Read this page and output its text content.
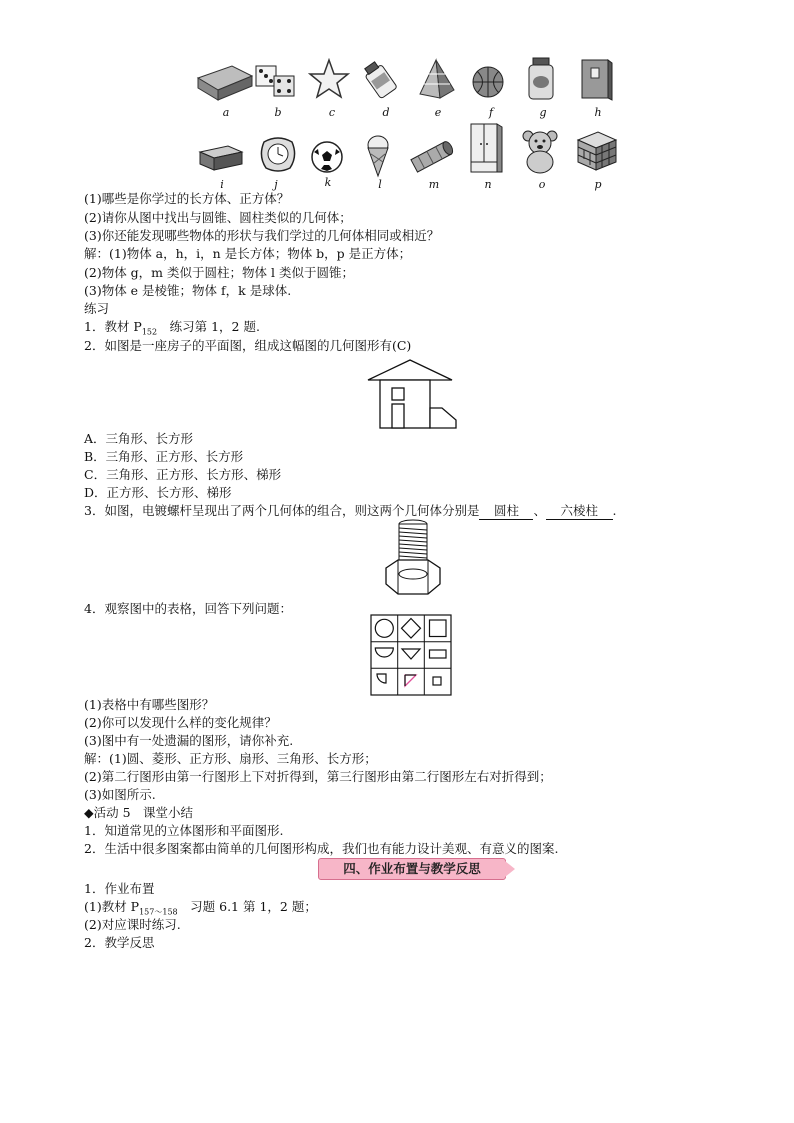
a	b	c	d	e	f	g	h
i	j	k	l	m	n	o	p
(1)哪些是你学过的长方体、正方体？
(2)请你从图中找出与圆锥、圆柱类似的几何体；
(3)你还能发现哪些物体的形状与我们学过的几何体相同或相近？
解：(1)物体 a，h，i，n 是长方体；物体 b，p 是正方体；
(2)物体 g，m 类似于圆柱；物体 l 类似于圆锥；
(3)物体 e 是棱锥；物体 f，k 是球体.
练习
1．教材 $P_{152}$　练习第 1，2 题.
2．如图是一座房子的平面图，组成这幅图的几何图形有(C)
A．三角形、长方形
B．三角形、正方形、长方形
C．三角形、正方形、长方形、梯形
D．正方形、长方形、梯形
3．如图，电镀螺杆呈现出了两个几何体的组合，则这两个几何体分别是　圆柱　、　六棱柱　.
4．观察图中的表格，回答下列问题：
(1)表格中有哪些图形？
(2)你可以发现什么样的变化规律？
(3)图中有一处遗漏的图形，请你补充.
解：(1)圆、菱形、正方形、扇形、三角形、长方形；
(2)第二行图形由第一行图形上下对折得到，第三行图形由第二行图形左右对折得到；
(3)如图所示.
◆活动 5　课堂小结
1．知道常见的立体图形和平面图形.
2．生活中很多图案都由简单的几何图形构成，我们也有能力设计美观、有意义的图案.
四、作业布置与教学反思
1．作业布置
(1)教材 $P_{157\sim 158}$　习题 6.1 第 1，2 题；
(2)对应课时练习.
2．教学反思
